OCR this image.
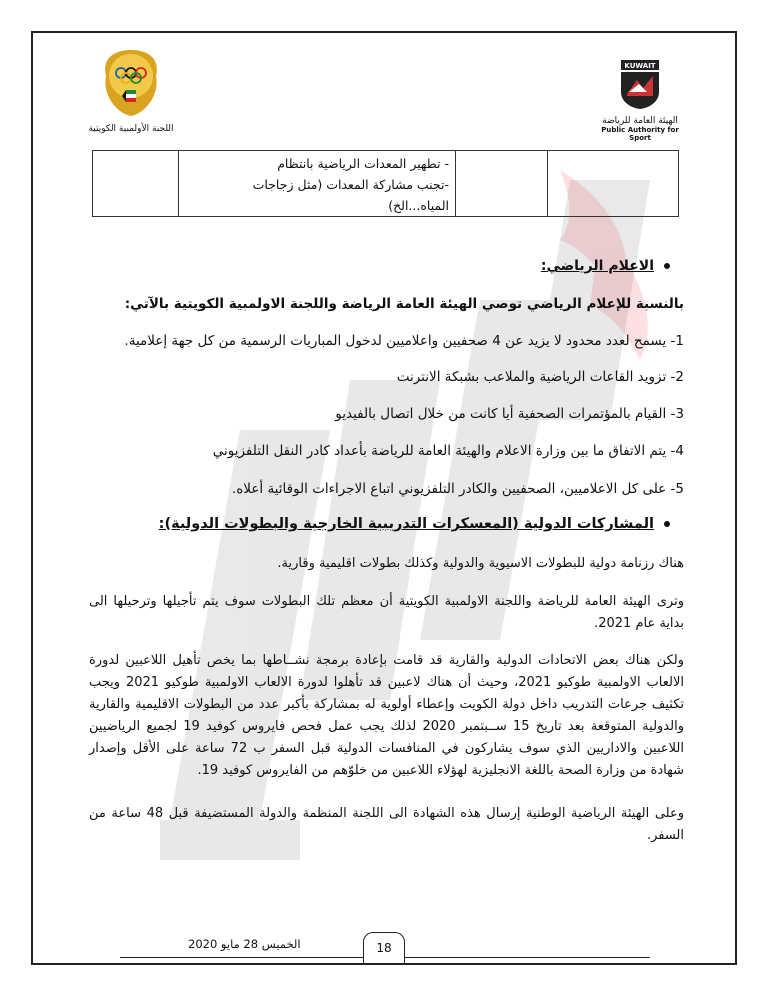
KUWAIT
الهيئة العامة للرياضة
Public Authority for Sport
اللجنة الأولمبية الكويتية

- تطهير المعدات الرياضية بانتظام
-تجنب مشاركة المعدات (مثل زجاجات
المياه...الخ)

الاعلام الرياضي:
بالنسبة للإعلام الرياضي توصي الهيئة العامة الرياضة واللجنة الاولمبية الكويتية بالآتي:
1- يسمح لعدد محدود لا يزيد عن 4 صحفيين واعلاميين لدخول المباريات الرسمية من كل جهة إعلامية.
2- تزويد القاعات الرياضية والملاعب بشبكة الانترنت
3- القيام بالمؤتمرات الصحفية أيا كانت من خلال اتصال بالفيديو
4- يتم الاتفاق ما بين وزارة الاعلام والهيئة العامة للرياضة بأعداد كادر النقل التلفزيوني
5- على كل الاعلاميين، الصحفيين والكادر التلفزيوني اتباع الاجراءات الوقائية أعلاه.
المشاركات الدولية (المعسكرات التدريبية الخارجية والبطولات الدولية):
هناك رزنامة دولية للبطولات الاسيوية والدولية وكذلك بطولات اقليمية وقارية.
وترى الهيئة العامة للرياضة واللجنة الاولمبية الكويتية أن معظم تلك البطولات سوف يتم تأجيلها وترحيلها الى بداية عام 2021.
ولكن هناك بعض الاتحادات الدولية والقارية قد قامت بإعادة برمجة نشــاطها بما يخص تأهيل اللاعبين لدورة الالعاب الاولمبية طوكيو 2021، وحيث أن هناك لاعبين قد تأهلوا لدورة الالعاب الاولمبية طوكيو 2021 ويجب تكثيف جرعات التدريب داخل دولة الكويت وإعطاء أولوية له بمشاركة بأكبر عدد من البطولات الاقليمية والقارية والدولية المتوقعة بعد تاريخ 15 ســبتمبر 2020 لذلك يجب عمل فحص فايروس كوفيد 19 لجميع الرياضيين اللاعبين والاداريين الذي سوف يشاركون في المنافسات الدولية قبل السفر ب 72 ساعة على الأقل وإصدار شهادة من وزارة الصحة باللغة الانجليزية لهؤلاء اللاعبين من خلوّهم من الفايروس كوفيد 19.
وعلى الهيئة الرياضية الوطنية إرسال هذه الشهادة الى اللجنة المنظمة والدولة المستضيفة قبل 48 ساعة من السفر.
18
الخميس 28 مايو 2020
